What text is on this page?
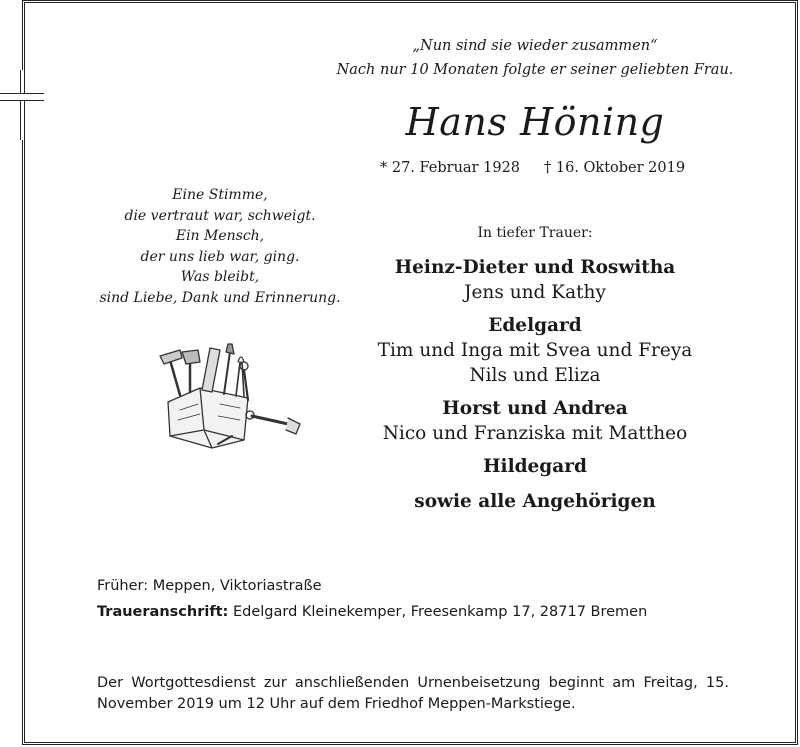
„Nun sind sie wieder zusammen“
Nach nur 10 Monaten folgte er seiner geliebten Frau.
Hans Höning
* 27. Februar 1928 † 16. Oktober 2019
Eine Stimme,
die vertraut war, schweigt.
Ein Mensch,
der uns lieb war, ging.
Was bleibt,
sind Liebe, Dank und Erinnerung.
In tiefer Trauer:
Heinz-Dieter und Roswitha
Jens und Kathy
Edelgard
Tim und Inga mit Svea und Freya
Nils und Eliza
Horst und Andrea
Nico und Franziska mit Mattheo
Hildegard
sowie alle Angehörigen
Früher: Meppen, Viktoriastraße
Traueranschrift: Edelgard Kleinekemper, Freesenkamp 17, 28717 Bremen
Der Wortgottesdienst zur anschließenden Urnenbeisetzung beginnt am Freitag, 15. November 2019 um 12 Uhr auf dem Friedhof Meppen-Markstiege.
